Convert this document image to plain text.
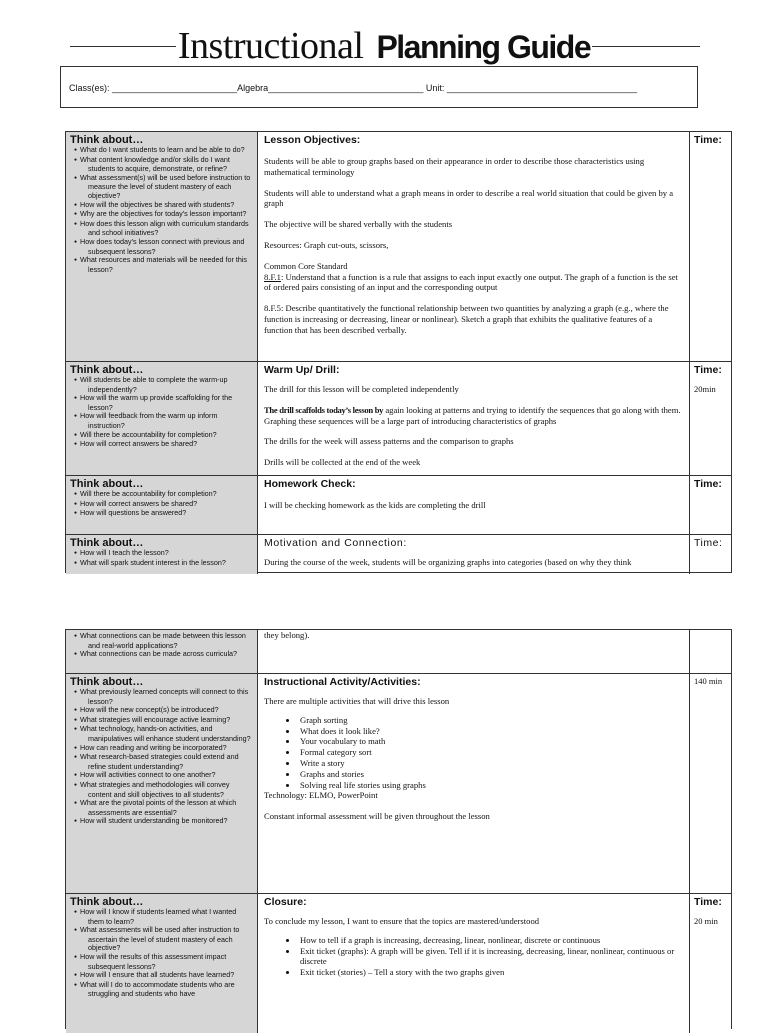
Instructional Planning Guide
Class(es): _________________________Algebra_______________________________ Unit: ______________________________________
Think about…
● What do I want students to learn and be able to do?
● What content knowledge and/or skills do I want students to acquire, demonstrate, or refine?
● What assessment(s) will be used before instruction to measure the level of student mastery of each objective?
● How will the objectives be shared with students?
● Why are the objectives for today's lesson important?
● How does this lesson align with curriculum standards and school initiatives?
● How does today's lesson connect with previous and subsequent lessons?
● What resources and materials will be needed for this lesson?
Lesson Objectives:

Students will be able to group graphs based on their appearance in order to describe those characteristics using mathematical terminology

Students will able to understand what a graph means in order to describe a real world situation that could be given by a graph

The objective will be shared verbally with the students

Resources: Graph cut-outs, scissors,

Common Core Standard

8.F.1: Understand that a function is a rule that assigns to each input exactly one output. The graph of a function is the set of ordered pairs consisting of an input and the corresponding output

8.F.5: Describe quantitatively the functional relationship between two quantities by analyzing a graph (e.g., where the function is increasing or decreasing, linear or nonlinear). Sketch a graph that exhibits the qualitative features of a function that has been described verbally.

Time:
Think about…
● Will students be able to complete the warm-up independently?
● How will the warm up provide scaffolding for the lesson?
● How will feedback from the warm up inform instruction?
● Will there be accountability for completion?
● How will correct answers be shared?
Warm Up/ Drill:

The drill for this lesson will be completed independently

The drill scaffolds today’s lesson by again looking at patterns and trying to identify the sequences that go along with them. Graphing these sequences will be a large part of introducing characteristics of graphs

The drills for the week will assess patterns and the comparison to graphs

Drills will be collected at the end of the week

Time:
20min
Think about…
● Will there be accountability for completion?
● How will correct answers be shared?
● How will questions be answered?
Homework Check:

I will be checking homework as the kids are completing the drill

Time:
Think about…
● How will I teach the lesson?
● What will spark student interest in the lesson?
Motivation and Connection:

During the course of the week, students will be organizing graphs into categories (based on why they think

Time:
● What connections can be made between this lesson and real-world applications?
● What connections can be made across curricula?

they belong).

Think about…
● What previously learned concepts will connect to this lesson?
● How will the new concept(s) be introduced?
● What strategies will encourage active learning?
● What technology, hands-on activities, and manipulatives will enhance student understanding?
● How can reading and writing be incorporated?
● What research-based strategies could extend and refine student understanding?
● How will activities connect to one another?
● What strategies and methodologies will convey content and skill objectives to all students?
● What are the pivotal points of the lesson at which assessments are essential?
● How will student understanding be monitored?
Instructional Activity/Activities:

There are multiple activities that will drive this lesson

• Graph sorting
• What does it look like?
• Your vocabulary to math
• Formal category sort
• Write a story
• Graphs and stories
• Solving real life stories using graphs

Technology: ELMO, PowerPoint

Constant informal assessment will be given throughout the lesson

140 min
Think about…
● How will I know if students learned what I wanted them to learn?
● What assessments will be used after instruction to ascertain the level of student mastery of each objective?
● How will the results of this assessment impact subsequent lessons?
● How will I ensure that all students have learned?
● What will I do to accommodate students who are struggling and students who have
Closure:

To conclude my lesson, I want to ensure that the topics are mastered/understood

• How to tell if a graph is increasing, decreasing, linear, nonlinear, discrete or continuous
• Exit ticket (graphs): A graph will be given. Tell if it is increasing, decreasing, linear, nonlinear, continuous or discrete
• Exit ticket (stories) – Tell a story with the two graphs given
Time:
20 min
